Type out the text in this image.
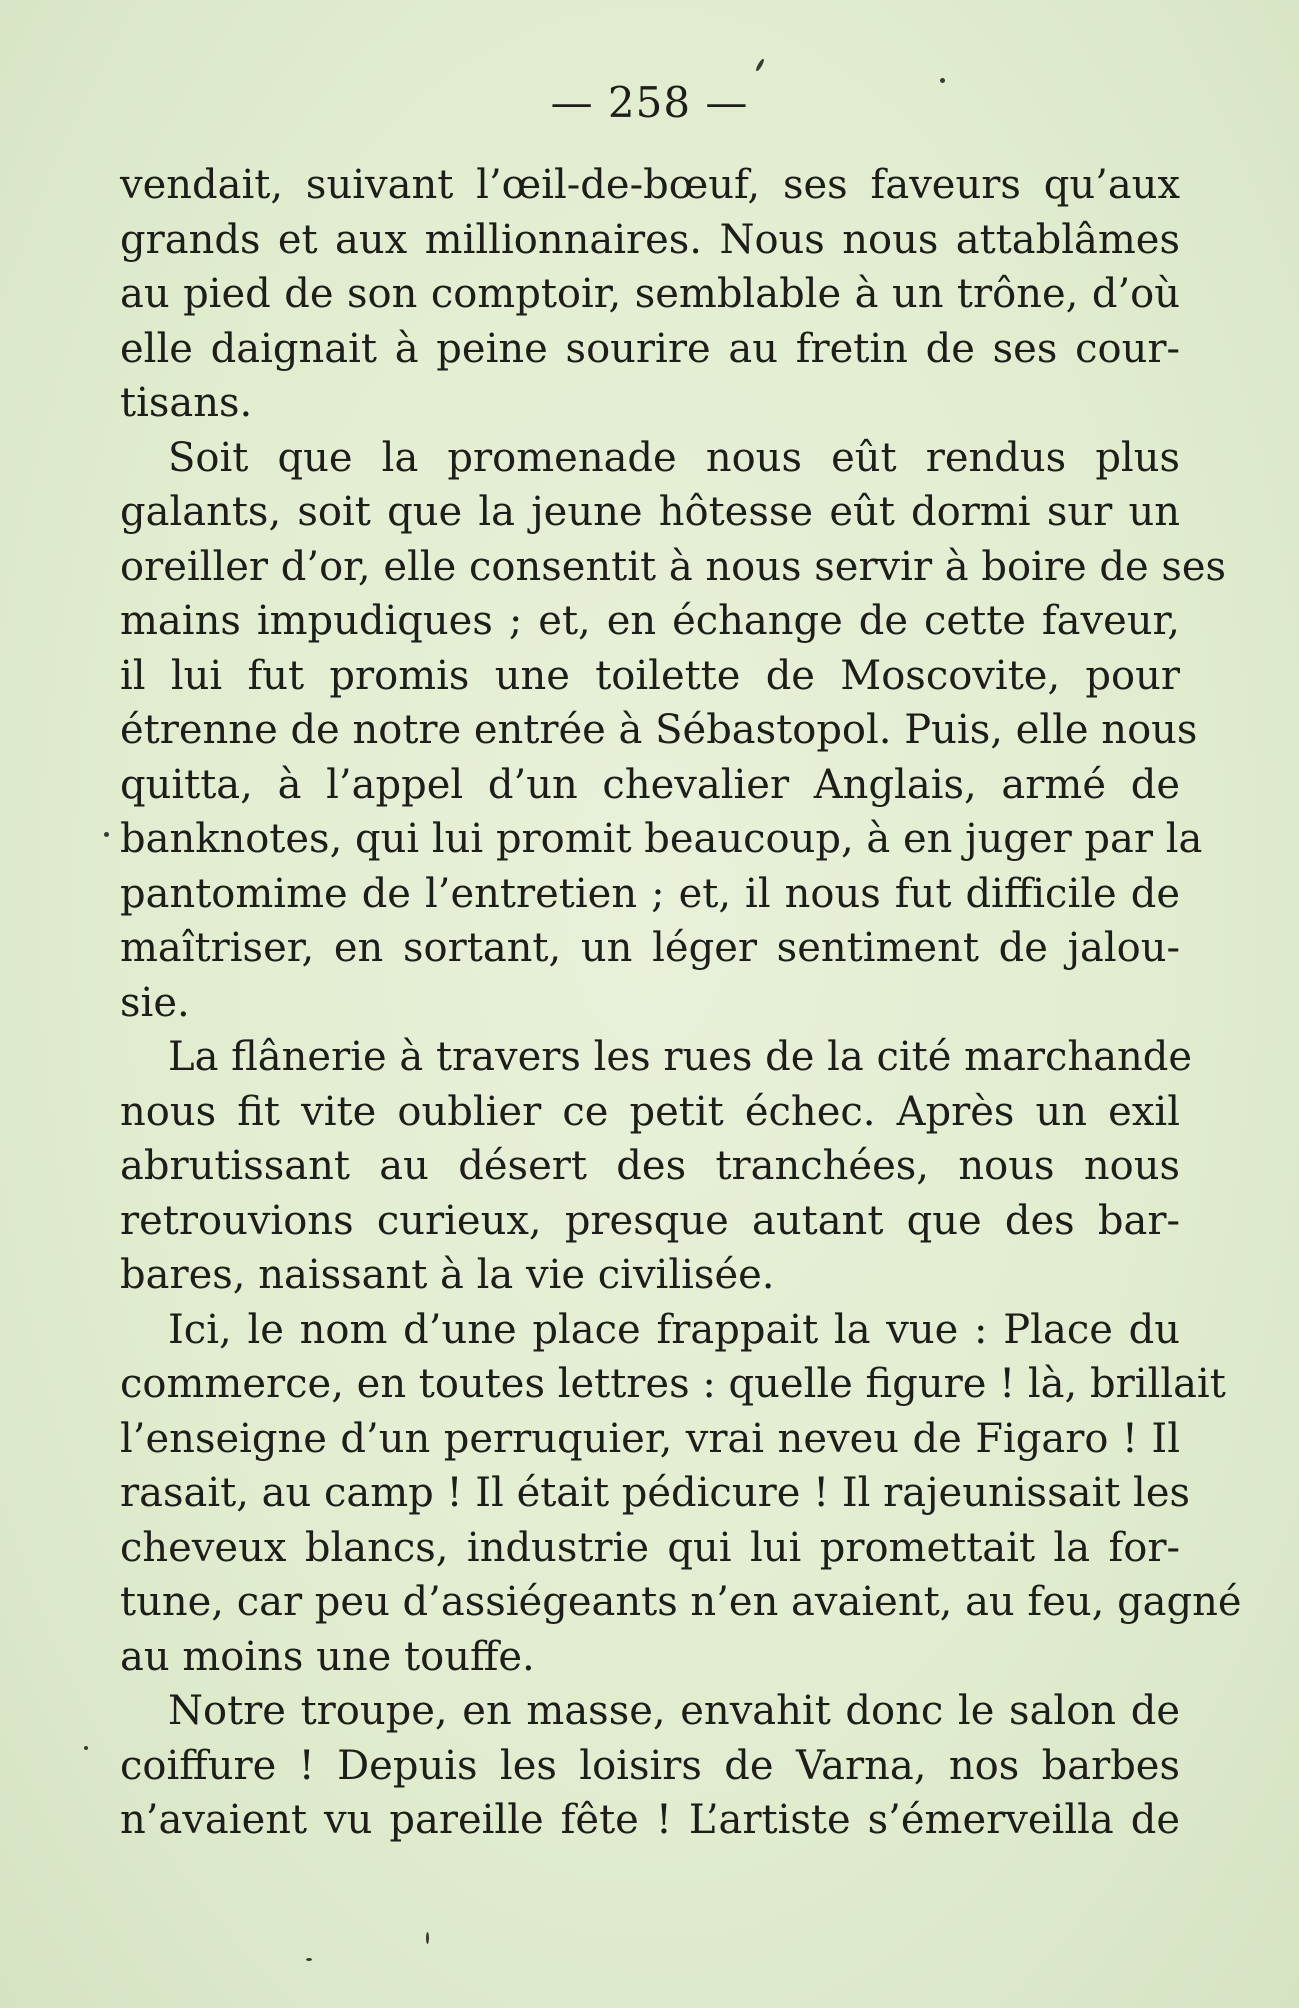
— 258 —
vendait, suivant l’œil-de-bœuf, ses faveurs qu’aux
grands et aux millionnaires. Nous nous attablâmes
au pied de son comptoir, semblable à un trône, d’où
elle daignait à peine sourire au fretin de ses cour-
tisans.
Soit que la promenade nous eût rendus plus
galants, soit que la jeune hôtesse eût dormi sur un
oreiller d’or, elle consentit à nous servir à boire de ses
mains impudiques ; et, en échange de cette faveur,
il lui fut promis une toilette de Moscovite, pour
étrenne de notre entrée à Sébastopol. Puis, elle nous
quitta, à l’appel d’un chevalier Anglais, armé de
banknotes, qui lui promit beaucoup, à en juger par la
pantomime de l’entretien ; et, il nous fut difficile de
maîtriser, en sortant, un léger sentiment de jalou-
sie.
La flânerie à travers les rues de la cité marchande
nous fit vite oublier ce petit échec. Après un exil
abrutissant au désert des tranchées, nous nous
retrouvions curieux, presque autant que des bar-
bares, naissant à la vie civilisée.
Ici, le nom d’une place frappait la vue : Place du
commerce, en toutes lettres : quelle figure ! là, brillait
l’enseigne d’un perruquier, vrai neveu de Figaro ! Il
rasait, au camp ! Il était pédicure ! Il rajeunissait les
cheveux blancs, industrie qui lui promettait la for-
tune, car peu d’assiégeants n’en avaient, au feu, gagné
au moins une touffe.
Notre troupe, en masse, envahit donc le salon de
coiffure ! Depuis les loisirs de Varna, nos barbes
n’avaient vu pareille fête ! L’artiste s’émerveilla de
